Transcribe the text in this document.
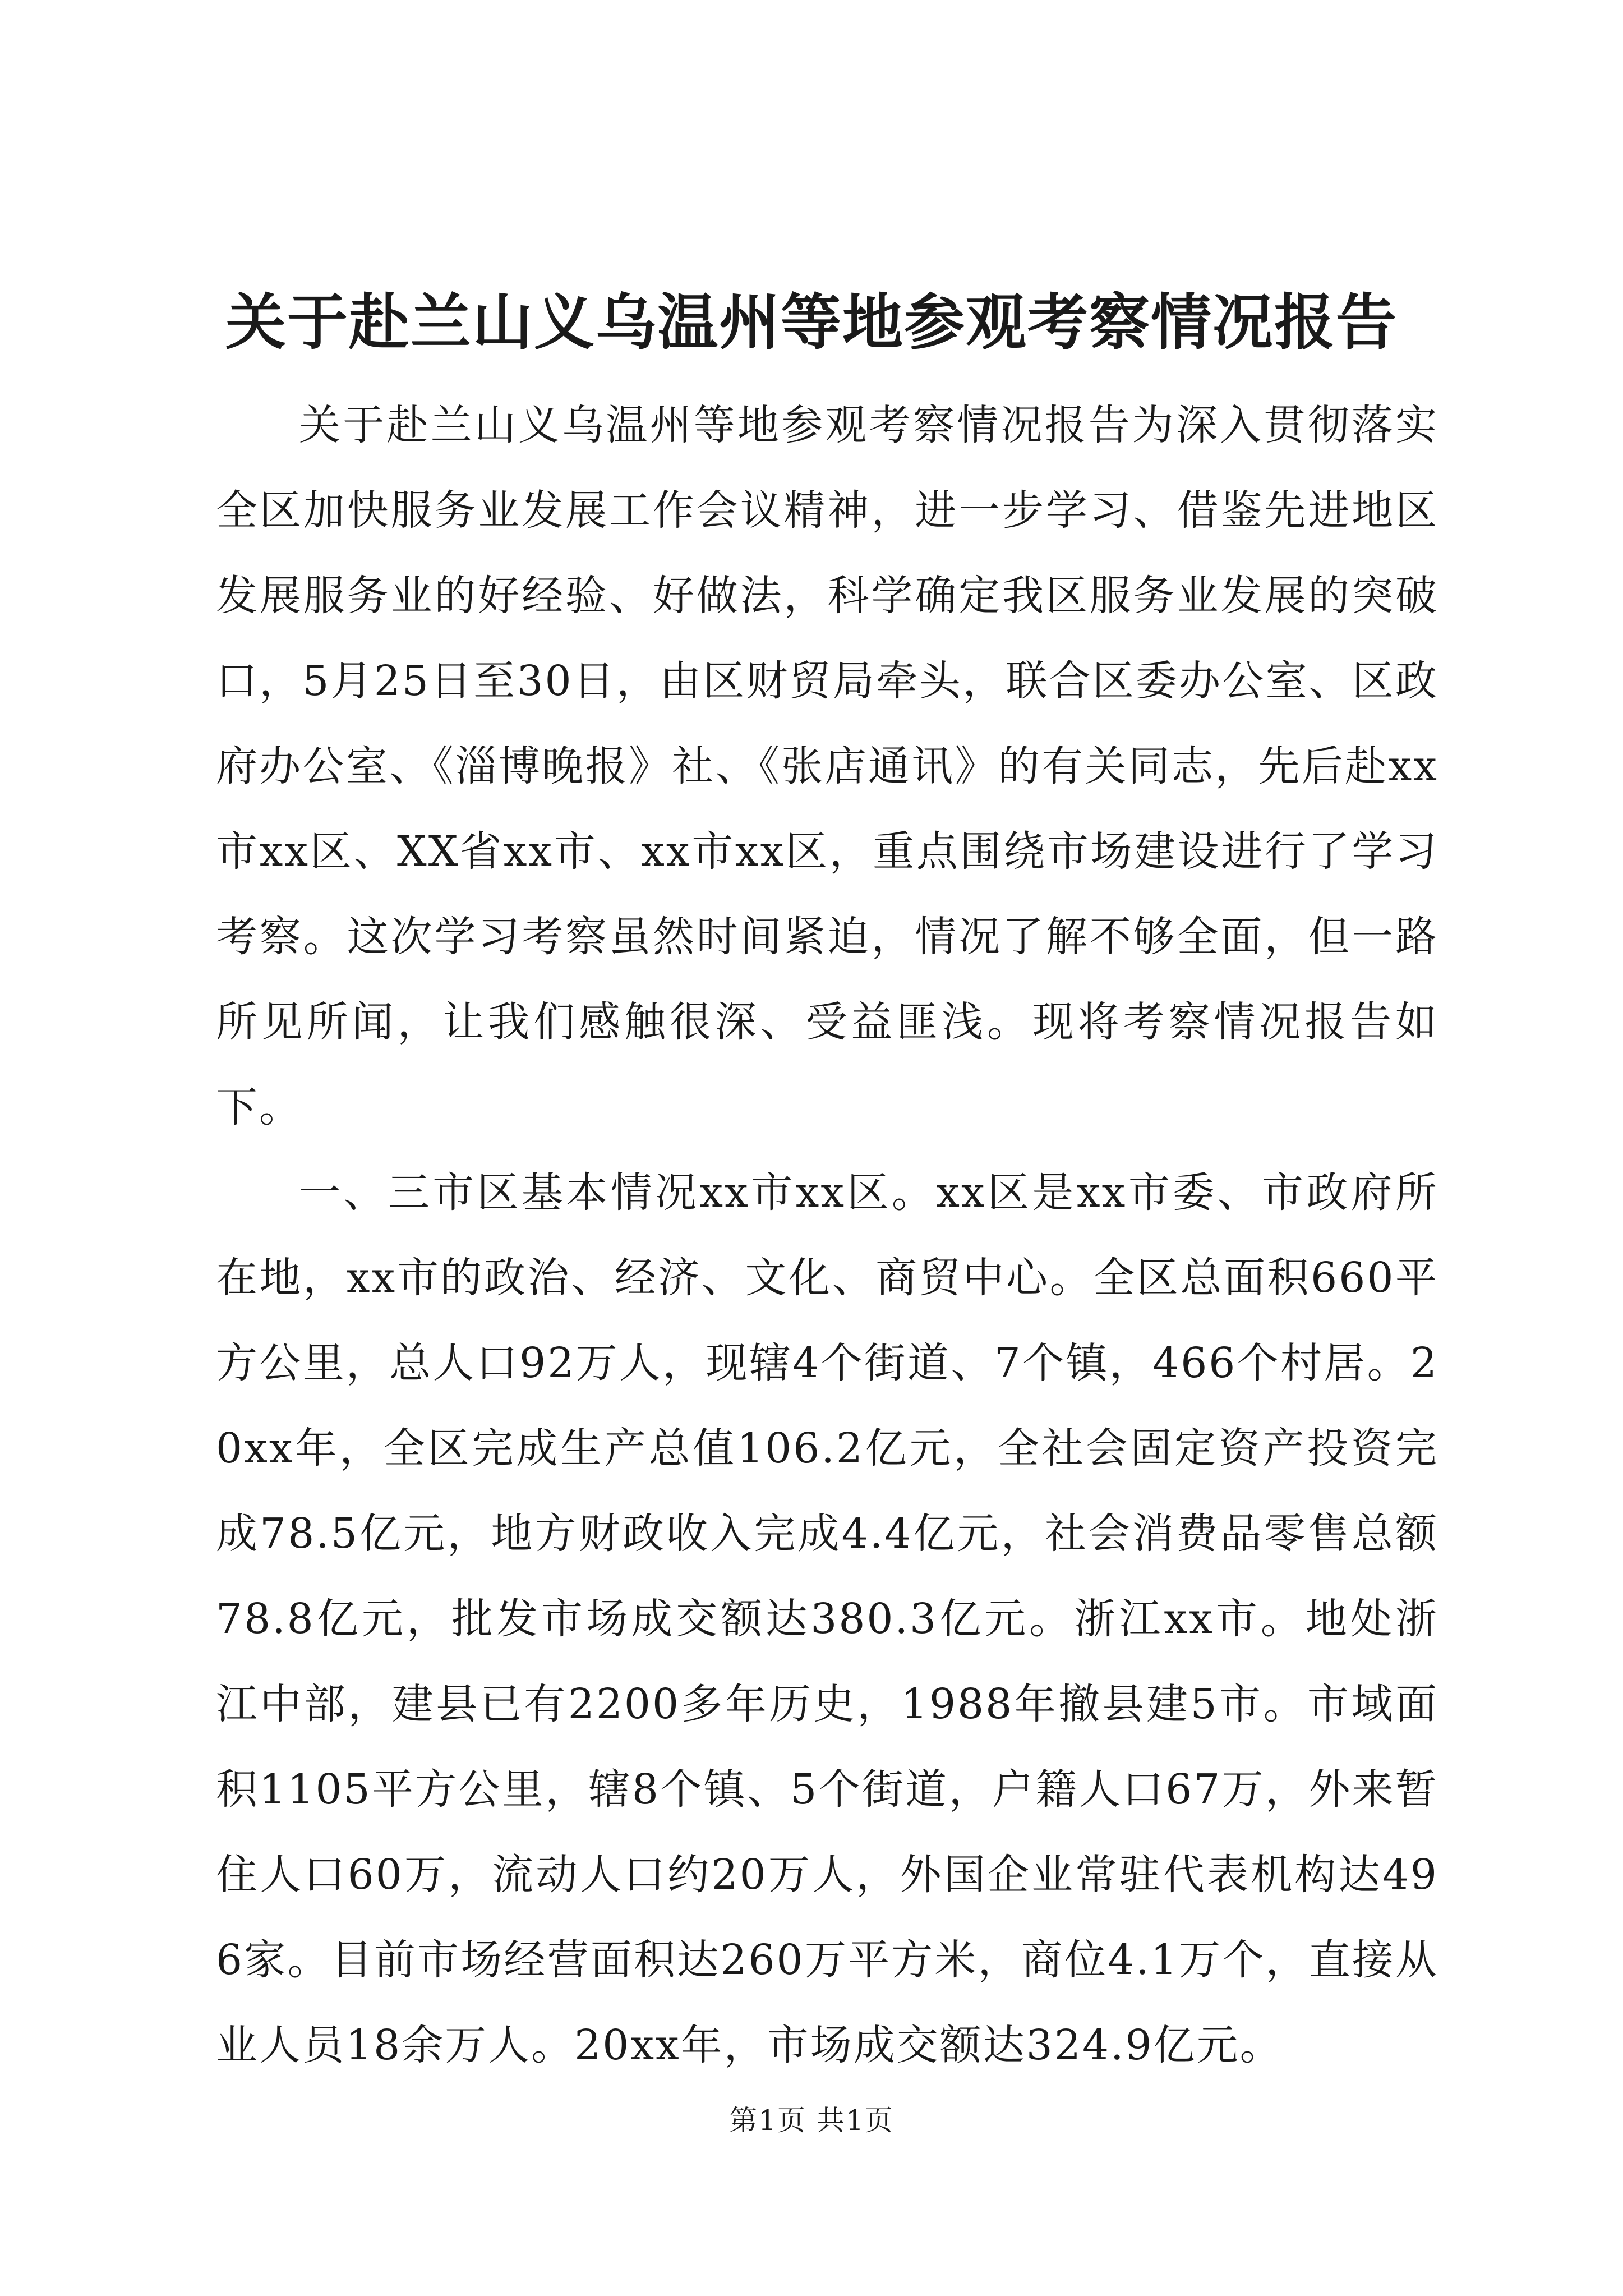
关于赴兰山义乌温州等地参观考察情况报告

关于赴兰山义乌温州等地参观考察情况报告为深入贯彻落实全区加快服务业发展工作会议精神，进一步学习、借鉴先进地区发展服务业的好经验、好做法，科学确定我区服务业发展的突破口，5月25日至30日，由区财贸局牵头，联合区委办公室、区政府办公室、《淄博晚报》社、《张店通讯》的有关同志，先后赴xx市xx区、XX省xx市、xx市xx区，重点围绕市场建设进行了学习考察。这次学习考察虽然时间紧迫，情况了解不够全面，但一路所见所闻，让我们感触很深、受益匪浅。现将考察情况报告如下。

一、三市区基本情况xx市xx区。xx区是xx市委、市政府所在地，xx市的政治、经济、文化、商贸中心。全区总面积660平方公里，总人口92万人，现辖4个街道、7个镇，466个村居。20xx年，全区完成生产总值106.2亿元，全社会固定资产投资完成78.5亿元，地方财政收入完成4.4亿元，社会消费品零售总额78.8亿元，批发市场成交额达380.3亿元。浙江xx市。地处浙江中部，建县已有2200多年历史，1988年撤县建5市。市域面积1105平方公里，辖8个镇、5个街道，户籍人口67万，外来暂住人口60万，流动人口约20万人，外国企业常驻代表机构达496家。目前市场经营面积达260万平方米，商位4.1万个，直接从业人员18余万人。20xx年，市场成交额达324.9亿元。

第1页 共1页
